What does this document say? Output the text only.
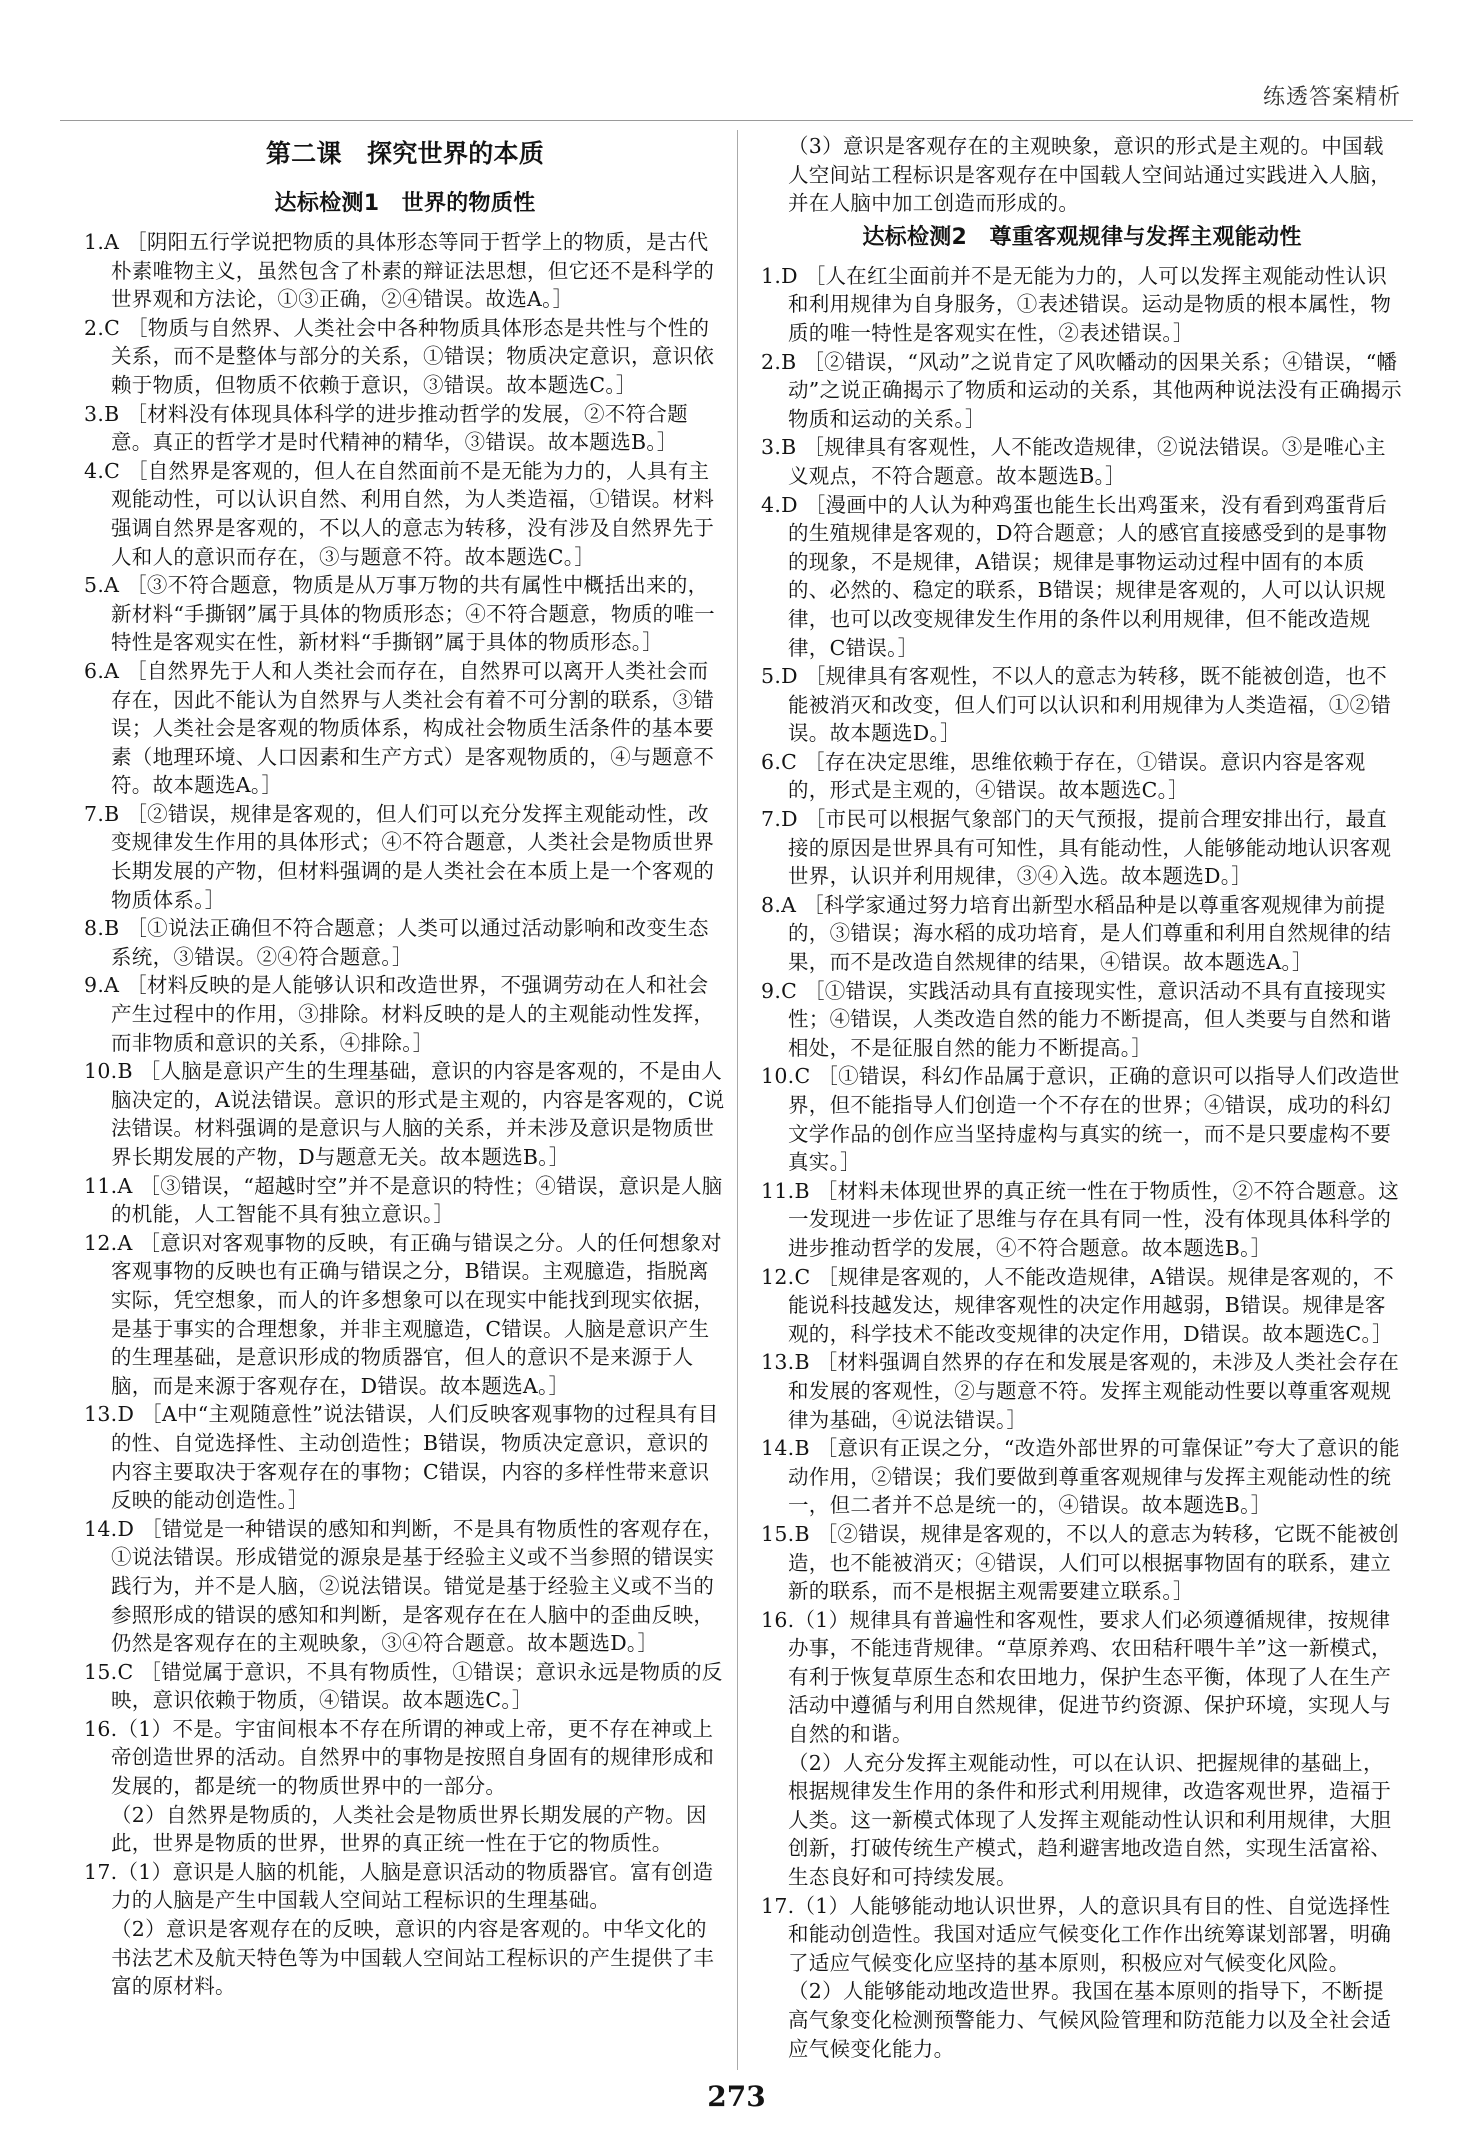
练透答案精析
第二课　探究世界的本质
达标检测1　世界的物质性

1.A ［阴阳五行学说把物质的具体形态等同于哲学上的物质，是古代朴素唯物主义，虽然包含了朴素的辩证法思想，但它还不是科学的世界观和方法论，①③正确，②④错误。故选A。］

2.C ［物质与自然界、人类社会中各种物质具体形态是共性与个性的关系，而不是整体与部分的关系，①错误；物质决定意识，意识依赖于物质，但物质不依赖于意识，③错误。故本题选C。］

3.B ［材料没有体现具体科学的进步推动哲学的发展，②不符合题意。真正的哲学才是时代精神的精华，③错误。故本题选B。］

4.C ［自然界是客观的，但人在自然面前不是无能为力的，人具有主观能动性，可以认识自然、利用自然，为人类造福，①错误。材料强调自然界是客观的，不以人的意志为转移，没有涉及自然界先于人和人的意识而存在，③与题意不符。故本题选C。］

5.A ［③不符合题意，物质是从万事万物的共有属性中概括出来的，新材料“手撕钢”属于具体的物质形态；④不符合题意，物质的唯一特性是客观实在性，新材料“手撕钢”属于具体的物质形态。］

6.A ［自然界先于人和人类社会而存在，自然界可以离开人类社会而存在，因此不能认为自然界与人类社会有着不可分割的联系，③错误；人类社会是客观的物质体系，构成社会物质生活条件的基本要素（地理环境、人口因素和生产方式）是客观物质的，④与题意不符。故本题选A。］

7.B ［②错误，规律是客观的，但人们可以充分发挥主观能动性，改变规律发生作用的具体形式；④不符合题意，人类社会是物质世界长期发展的产物，但材料强调的是人类社会在本质上是一个客观的物质体系。］

8.B ［①说法正确但不符合题意；人类可以通过活动影响和改变生态系统，③错误。②④符合题意。］

9.A ［材料反映的是人能够认识和改造世界，不强调劳动在人和社会产生过程中的作用，③排除。材料反映的是人的主观能动性发挥，而非物质和意识的关系，④排除。］

10.B ［人脑是意识产生的生理基础，意识的内容是客观的，不是由人脑决定的，A说法错误。意识的形式是主观的，内容是客观的，C说法错误。材料强调的是意识与人脑的关系，并未涉及意识是物质世界长期发展的产物，D与题意无关。故本题选B。］

11.A ［③错误，“超越时空”并不是意识的特性；④错误，意识是人脑的机能，人工智能不具有独立意识。］

12.A ［意识对客观事物的反映，有正确与错误之分。人的任何想象对客观事物的反映也有正确与错误之分，B错误。主观臆造，指脱离实际，凭空想象，而人的许多想象可以在现实中能找到现实依据，是基于事实的合理想象，并非主观臆造，C错误。人脑是意识产生的生理基础，是意识形成的物质器官，但人的意识不是来源于人脑，而是来源于客观存在，D错误。故本题选A。］

13.D ［A中“主观随意性”说法错误，人们反映客观事物的过程具有目的性、自觉选择性、主动创造性；B错误，物质决定意识，意识的内容主要取决于客观存在的事物；C错误，内容的多样性带来意识反映的能动创造性。］

14.D ［错觉是一种错误的感知和判断，不是具有物质性的客观存在，①说法错误。形成错觉的源泉是基于经验主义或不当参照的错误实践行为，并不是人脑，②说法错误。错觉是基于经验主义或不当的参照形成的错误的感知和判断，是客观存在在人脑中的歪曲反映，仍然是客观存在的主观映象，③④符合题意。故本题选D。］

15.C ［错觉属于意识，不具有物质性，①错误；意识永远是物质的反映，意识依赖于物质，④错误。故本题选C。］

16.（1）不是。宇宙间根本不存在所谓的神或上帝，更不存在神或上帝创造世界的活动。自然界中的事物是按照自身固有的规律形成和发展的，都是统一的物质世界中的一部分。

（2）自然界是物质的，人类社会是物质世界长期发展的产物。因此，世界是物质的世界，世界的真正统一性在于它的物质性。

17.（1）意识是人脑的机能，人脑是意识活动的物质器官。富有创造力的人脑是产生中国载人空间站工程标识的生理基础。

（2）意识是客观存在的反映，意识的内容是客观的。中华文化的书法艺术及航天特色等为中国载人空间站工程标识的产生提供了丰富的原材料。

（3）意识是客观存在的主观映象，意识的形式是主观的。中国载人空间站工程标识是客观存在中国载人空间站通过实践进入人脑，并在人脑中加工创造而形成的。

达标检测2　尊重客观规律与发挥主观能动性

1.D ［人在红尘面前并不是无能为力的，人可以发挥主观能动性认识和利用规律为自身服务，①表述错误。运动是物质的根本属性，物质的唯一特性是客观实在性，②表述错误。］

2.B ［②错误，“风动”之说肯定了风吹幡动的因果关系；④错误，“幡动”之说正确揭示了物质和运动的关系，其他两种说法没有正确揭示物质和运动的关系。］

3.B ［规律具有客观性，人不能改造规律，②说法错误。③是唯心主义观点，不符合题意。故本题选B。］

4.D ［漫画中的人认为种鸡蛋也能生长出鸡蛋来，没有看到鸡蛋背后的生殖规律是客观的，D符合题意；人的感官直接感受到的是事物的现象，不是规律，A错误；规律是事物运动过程中固有的本质的、必然的、稳定的联系，B错误；规律是客观的，人可以认识规律，也可以改变规律发生作用的条件以利用规律，但不能改造规律，C错误。］

5.D ［规律具有客观性，不以人的意志为转移，既不能被创造，也不能被消灭和改变，但人们可以认识和利用规律为人类造福，①②错误。故本题选D。］

6.C ［存在决定思维，思维依赖于存在，①错误。意识内容是客观的，形式是主观的，④错误。故本题选C。］

7.D ［市民可以根据气象部门的天气预报，提前合理安排出行，最直接的原因是世界具有可知性，具有能动性，人能够能动地认识客观世界，认识并利用规律，③④入选。故本题选D。］

8.A ［科学家通过努力培育出新型水稻品种是以尊重客观规律为前提的，③错误；海水稻的成功培育，是人们尊重和利用自然规律的结果，而不是改造自然规律的结果，④错误。故本题选A。］

9.C ［①错误，实践活动具有直接现实性，意识活动不具有直接现实性；④错误，人类改造自然的能力不断提高，但人类要与自然和谐相处，不是征服自然的能力不断提高。］

10.C ［①错误，科幻作品属于意识，正确的意识可以指导人们改造世界，但不能指导人们创造一个不存在的世界；④错误，成功的科幻文学作品的创作应当坚持虚构与真实的统一，而不是只要虚构不要真实。］

11.B ［材料未体现世界的真正统一性在于物质性，②不符合题意。这一发现进一步佐证了思维与存在具有同一性，没有体现具体科学的进步推动哲学的发展，④不符合题意。故本题选B。］

12.C ［规律是客观的，人不能改造规律，A错误。规律是客观的，不能说科技越发达，规律客观性的决定作用越弱，B错误。规律是客观的，科学技术不能改变规律的决定作用，D错误。故本题选C。］

13.B ［材料强调自然界的存在和发展是客观的，未涉及人类社会存在和发展的客观性，②与题意不符。发挥主观能动性要以尊重客观规律为基础，④说法错误。］

14.B ［意识有正误之分，“改造外部世界的可靠保证”夸大了意识的能动作用，②错误；我们要做到尊重客观规律与发挥主观能动性的统一，但二者并不总是统一的，④错误。故本题选B。］

15.B ［②错误，规律是客观的，不以人的意志为转移，它既不能被创造，也不能被消灭；④错误，人们可以根据事物固有的联系，建立新的联系，而不是根据主观需要建立联系。］

16.（1）规律具有普遍性和客观性，要求人们必须遵循规律，按规律办事，不能违背规律。“草原养鸡、农田秸秆喂牛羊”这一新模式，有利于恢复草原生态和农田地力，保护生态平衡，体现了人在生产活动中遵循与利用自然规律，促进节约资源、保护环境，实现人与自然的和谐。

（2）人充分发挥主观能动性，可以在认识、把握规律的基础上，根据规律发生作用的条件和形式利用规律，改造客观世界，造福于人类。这一新模式体现了人发挥主观能动性认识和利用规律，大胆创新，打破传统生产模式，趋利避害地改造自然，实现生活富裕、生态良好和可持续发展。

17.（1）人能够能动地认识世界，人的意识具有目的性、自觉选择性和能动创造性。我国对适应气候变化工作作出统筹谋划部署，明确了适应气候变化应坚持的基本原则，积极应对气候变化风险。

（2）人能够能动地改造世界。我国在基本原则的指导下，不断提高气象变化检测预警能力、气候风险管理和防范能力以及全社会适应气候变化能力。

273
